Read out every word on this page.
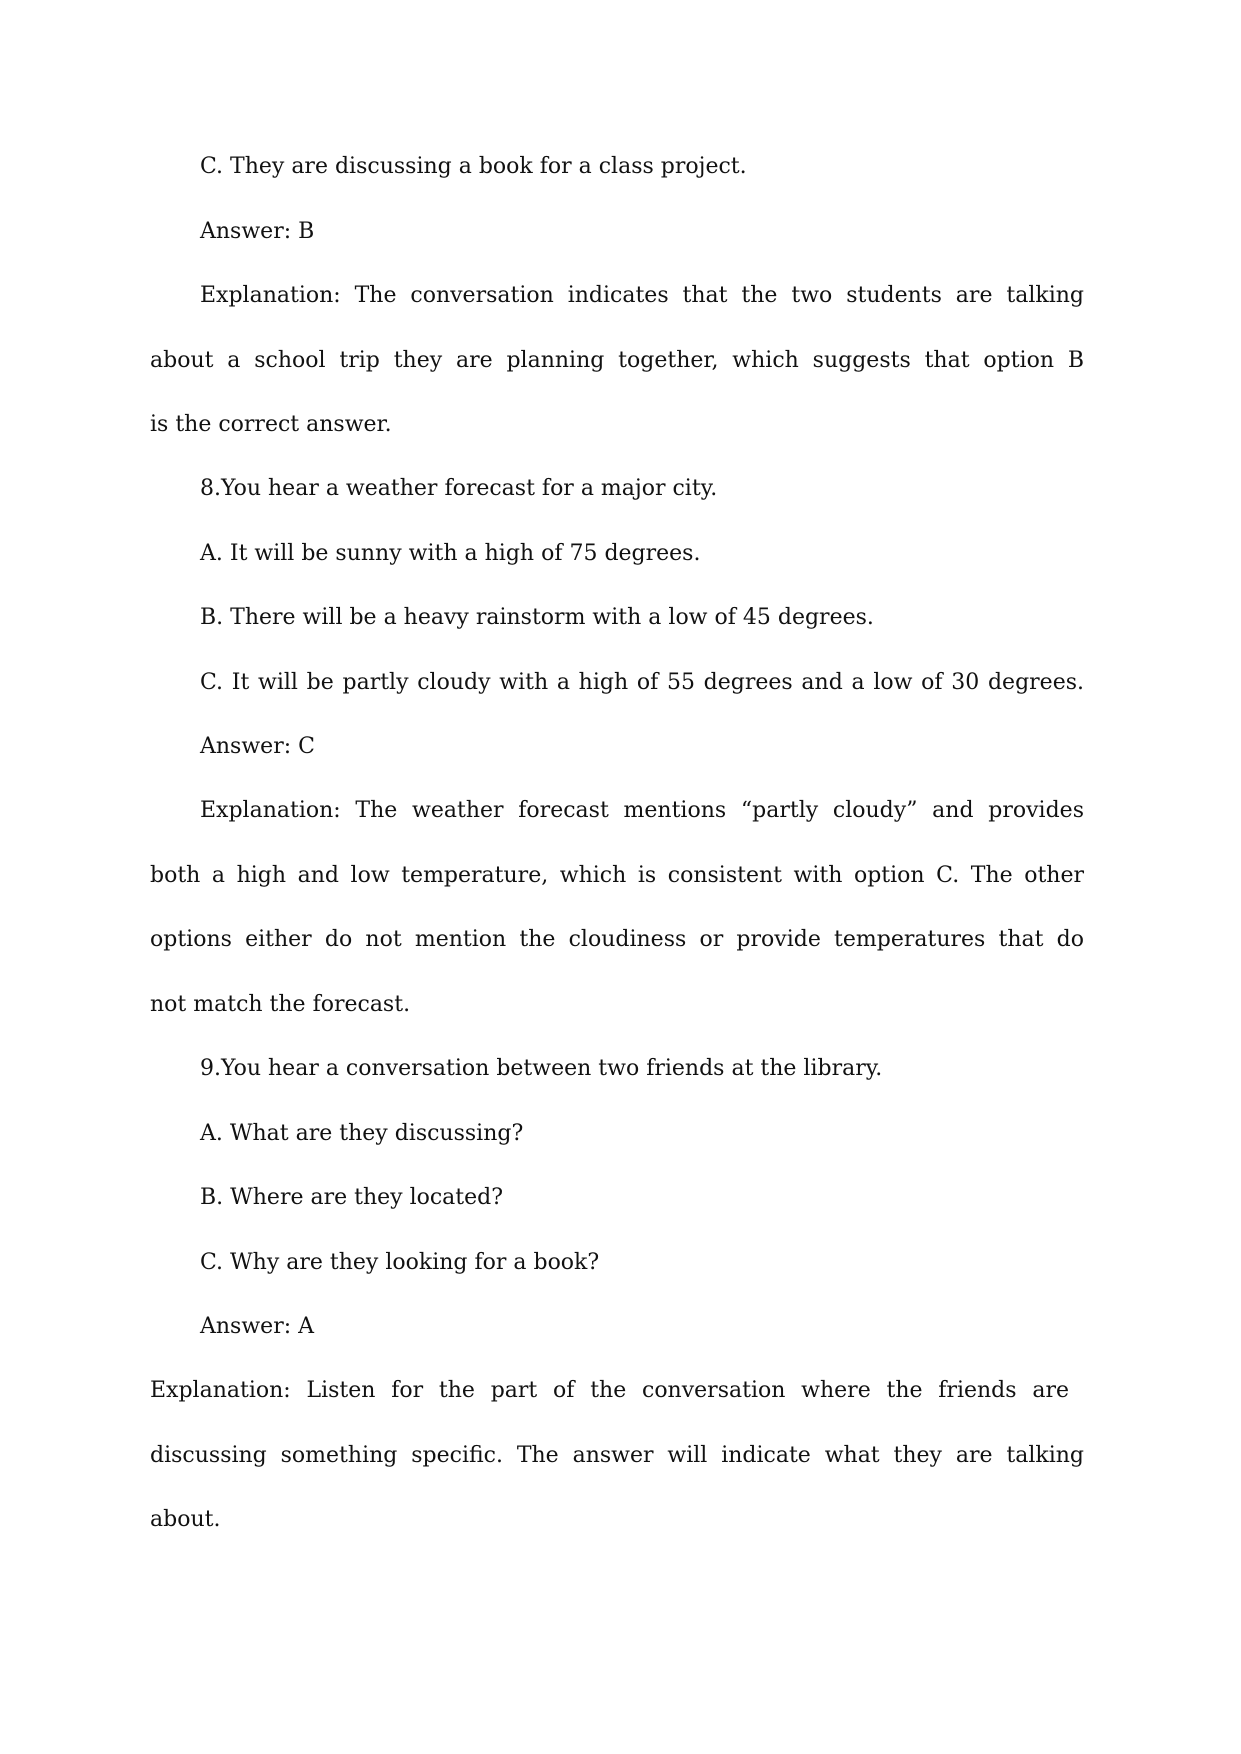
C. They are discussing a book for a class project.
Answer: B
Explanation: The conversation indicates that the two students are talking
about a school trip they are planning together, which suggests that option B
is the correct answer.
8.You hear a weather forecast for a major city.
A. It will be sunny with a high of 75 degrees.
B. There will be a heavy rainstorm with a low of 45 degrees.
C. It will be partly cloudy with a high of 55 degrees and a low of 30 degrees.
Answer: C
Explanation: The weather forecast mentions “partly cloudy” and provides
both a high and low temperature, which is consistent with option C. The other
options either do not mention the cloudiness or provide temperatures that do
not match the forecast.
9.You hear a conversation between two friends at the library.
A. What are they discussing?
B. Where are they located?
C. Why are they looking for a book?
Answer: A
Explanation: Listen for the part of the conversation where the friends are
discussing something specific. The answer will indicate what they are talking
about.
